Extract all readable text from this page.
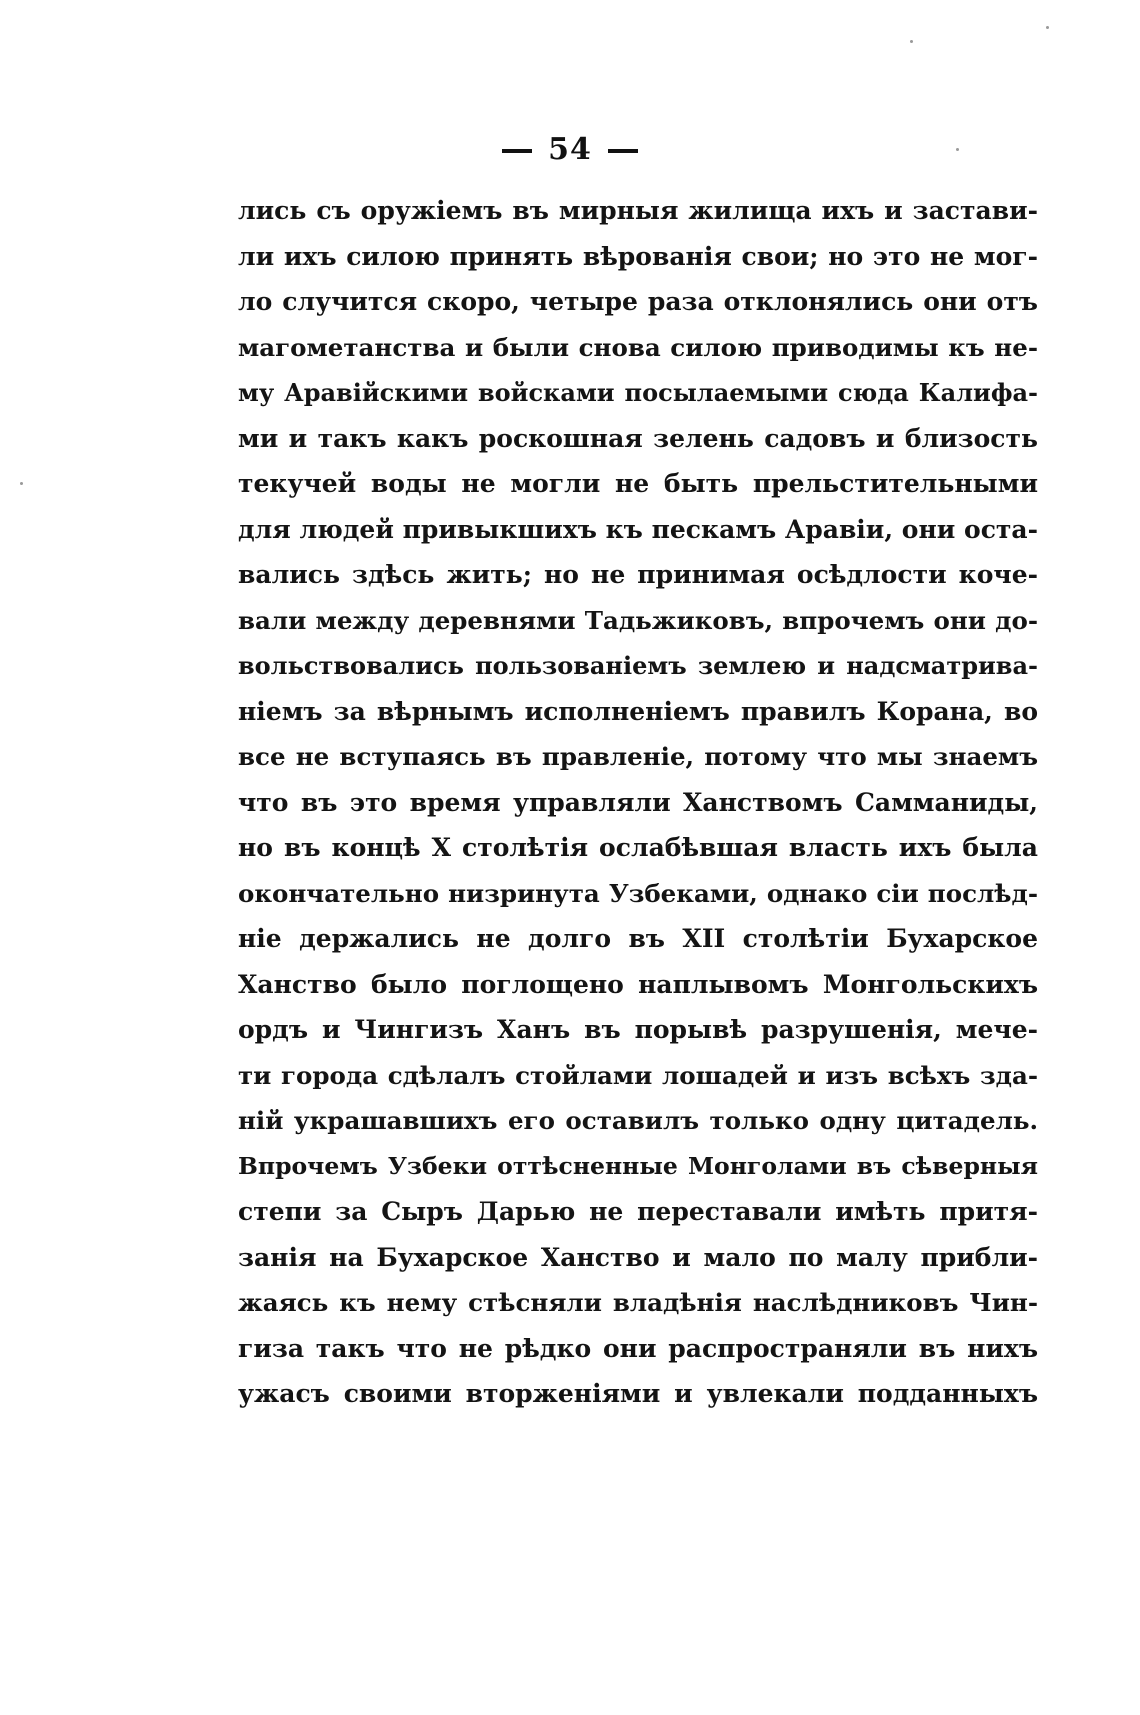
54
лись съ оружіемъ въ мирныя жилища ихъ и застави-
ли ихъ силою принять вѣрованія свои; но это не мог-
ло случится скоро, четыре раза отклонялись они отъ
магометанства и были снова силою приводимы къ не-
му Аравійскими войсками посылаемыми сюда Калифа-
ми и такъ какъ роскошная зелень садовъ и близость
текучей воды не могли не быть прельстительными
для людей привыкшихъ къ пескамъ Аравіи, они оста-
вались здѣсь жить; но не принимая осѣдлости коче-
вали между деревнями Тадьжиковъ, впрочемъ они до-
вольствовались пользованіемъ землею и надсматрива-
ніемъ за вѣрнымъ исполненіемъ правилъ Корана, во
все не вступаясь въ правленіе, потому что мы знаемъ
что въ это время управляли Ханствомъ Самманиды,
но въ концѣ X столѣтія ослабѣвшая власть ихъ была
окончательно низринута Узбеками, однако сіи послѣд-
ніе держались не долго въ XII столѣтіи Бухарское
Ханство было поглощено наплывомъ Монгольскихъ
ордъ и Чингизъ Ханъ въ порывѣ разрушенія, мече-
ти города сдѣлалъ стойлами лошадей и изъ всѣхъ зда-
ній украшавшихъ его оставилъ только одну цитадель.
Впрочемъ Узбеки оттѣсненные Монголами въ сѣверныя
степи за Сыръ Дарью не переставали имѣть притя-
занія на Бухарское Ханство и мало по малу прибли-
жаясь къ нему стѣсняли владѣнія наслѣдниковъ Чин-
гиза такъ что не рѣдко они распространяли въ нихъ
ужасъ своими вторженіями и увлекали подданныхъ
